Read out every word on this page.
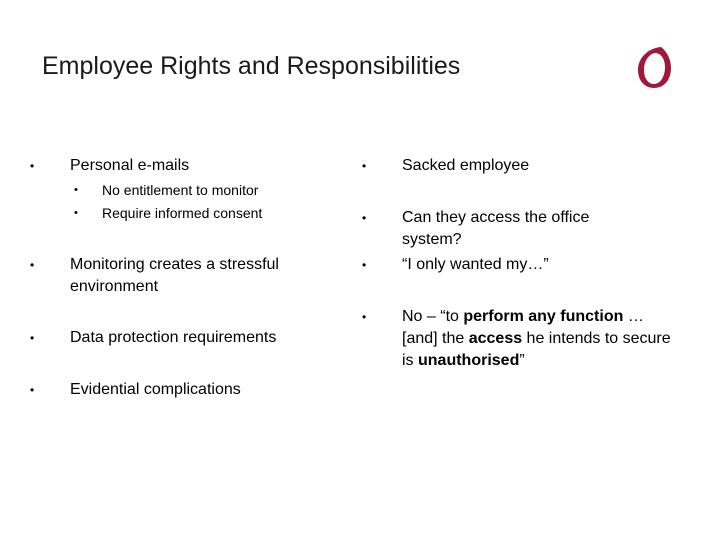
Employee Rights and Responsibilities
• Personal e-mails
• No entitlement to monitor
• Require informed consent
• Monitoring creates a stressful environment
• Data protection requirements
• Evidential complications
• Sacked employee
• Can they access the office system?
• “I only wanted my…”
• No – “to perform any function …[and] the access he intends to secure is unauthorised”
